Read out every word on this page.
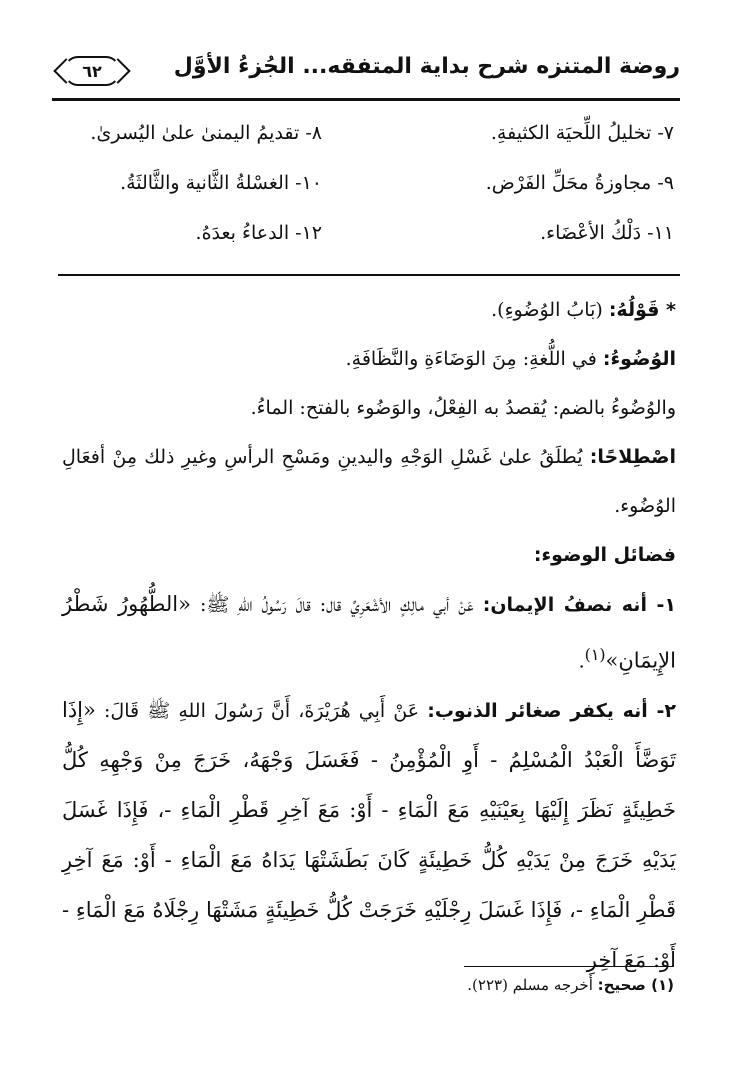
روضة المتنزه شرح بداية المتفقه... الجُزءُ الأوَّل
٦٢
٧- تخليلُ اللِّحيَة الكثيفةِ.
٨- تقديمُ اليمنىٰ علىٰ اليُسرىٰ.
٩- مجاوزةُ محَلِّ الفَرْض.
١٠- الغسْلةُ الثَّانية والثَّالثَةُ.
١١- دَلْكُ الأعْضَاء.
١٢- الدعاءُ بعدَهُ.

* قَوْلُهُ: (بَابُ الوُضُوءِ).

الوُضُوءُ: في اللُّغةِ: مِنَ الوَضَاءَةِ والنَّظَافَةِ.

والوُضُوءُ بالضم: يُقصدُ به الفِعْلُ، والوَضُوء بالفتح: الماءُ.

اصْطِلاحًا: يُطلَقُ علىٰ غَسْلِ الوَجْهِ واليدينِ ومَسْحِ الرأسِ وغيرِ ذلك مِنْ أفعَالِ الوُضُوء.

فضائل الوضوء:

١- أنه نصفُ الإيمان: عَنْ أبي مالِكٍ الأشْعَرِيِّ قال: قالَ رَسُولُ اللهِ ﷺ: «الطُّهُورُ شَطْرُ الإِيمَانِ»$^{(١)}$.

٢- أنه يكفر صغائر الذنوب: عَنْ أَبِي هُرَيْرَةَ، أَنَّ رَسُولَ اللهِ ﷺ قَالَ: «إِذَا تَوَضَّأَ الْعَبْدُ الْمُسْلِمُ - أَوِ الْمُؤْمِنُ - فَغَسَلَ وَجْهَهُ، خَرَجَ مِنْ وَجْهِهِ كُلُّ خَطِيئَةٍ نَظَرَ إِلَيْهَا بِعَيْنَيْهِ مَعَ الْمَاءِ - أَوْ: مَعَ آخِرِ قَطْرِ الْمَاءِ -، فَإِذَا غَسَلَ يَدَيْهِ خَرَجَ مِنْ يَدَيْهِ كُلُّ خَطِيئَةٍ كَانَ بَطَشَتْهَا يَدَاهُ مَعَ الْمَاءِ - أَوْ: مَعَ آخِرِ قَطْرِ الْمَاءِ -، فَإِذَا غَسَلَ رِجْلَيْهِ خَرَجَتْ كُلُّ خَطِيئَةٍ مَشَتْهَا رِجْلَاهُ مَعَ الْمَاءِ - أَوْ: مَعَ آخِرِ

(١) صحيح: أخرجه مسلم (٢٢٣).
